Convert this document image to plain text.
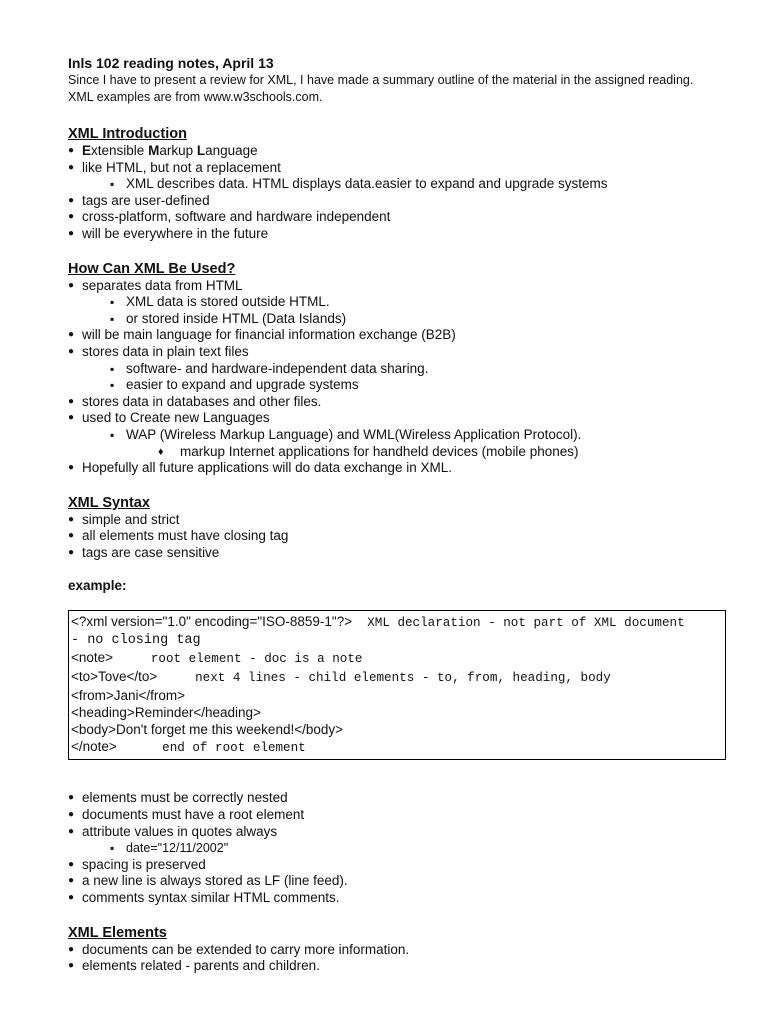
Inls 102 reading notes, April 13
Since I have to present a review for XML, I have made a summary outline of the material in the assigned reading.
XML examples are from www.w3schools.com.
XML Introduction
● Extensible Markup Language
● like HTML, but not a replacement
▪ XML describes data. HTML displays data.easier to expand and upgrade systems
● tags are user-defined
● cross-platform, software and hardware independent
● will be everywhere in the future
How Can XML Be Used?
● separates data from HTML
▪ XML data is stored outside HTML.
▪ or stored inside HTML (Data Islands)
● will be main language for financial information exchange (B2B)
● stores data in plain text files
▪ software- and hardware-independent data sharing.
▪ easier to expand and upgrade systems
● stores data in databases and other files.
● used to Create new Languages
▪ WAP (Wireless Markup Language) and WML(Wireless Application Protocol).
♦ markup Internet applications for handheld devices (mobile phones)
● Hopefully all future applications will do data exchange in XML.
XML Syntax
● simple and strict
● all elements must have closing tag
● tags are case sensitive
example:
<?xml version="1.0" encoding="ISO-8859-1"?>  XML declaration - not part of XML document
- no closing tag
<note>     root element - doc is a note
<to>Tove</to>     next 4 lines - child elements - to, from, heading, body
<from>Jani</from>
<heading>Reminder</heading>
<body>Don't forget me this weekend!</body>
</note>      end of root element
● elements must be correctly nested
● documents must have a root element
● attribute values in quotes always
▪ date="12/11/2002"
● spacing is preserved
● a new line is always stored as LF (line feed).
● comments syntax similar HTML comments.
XML Elements
● documents can be extended to carry more information.
● elements related - parents and children.
